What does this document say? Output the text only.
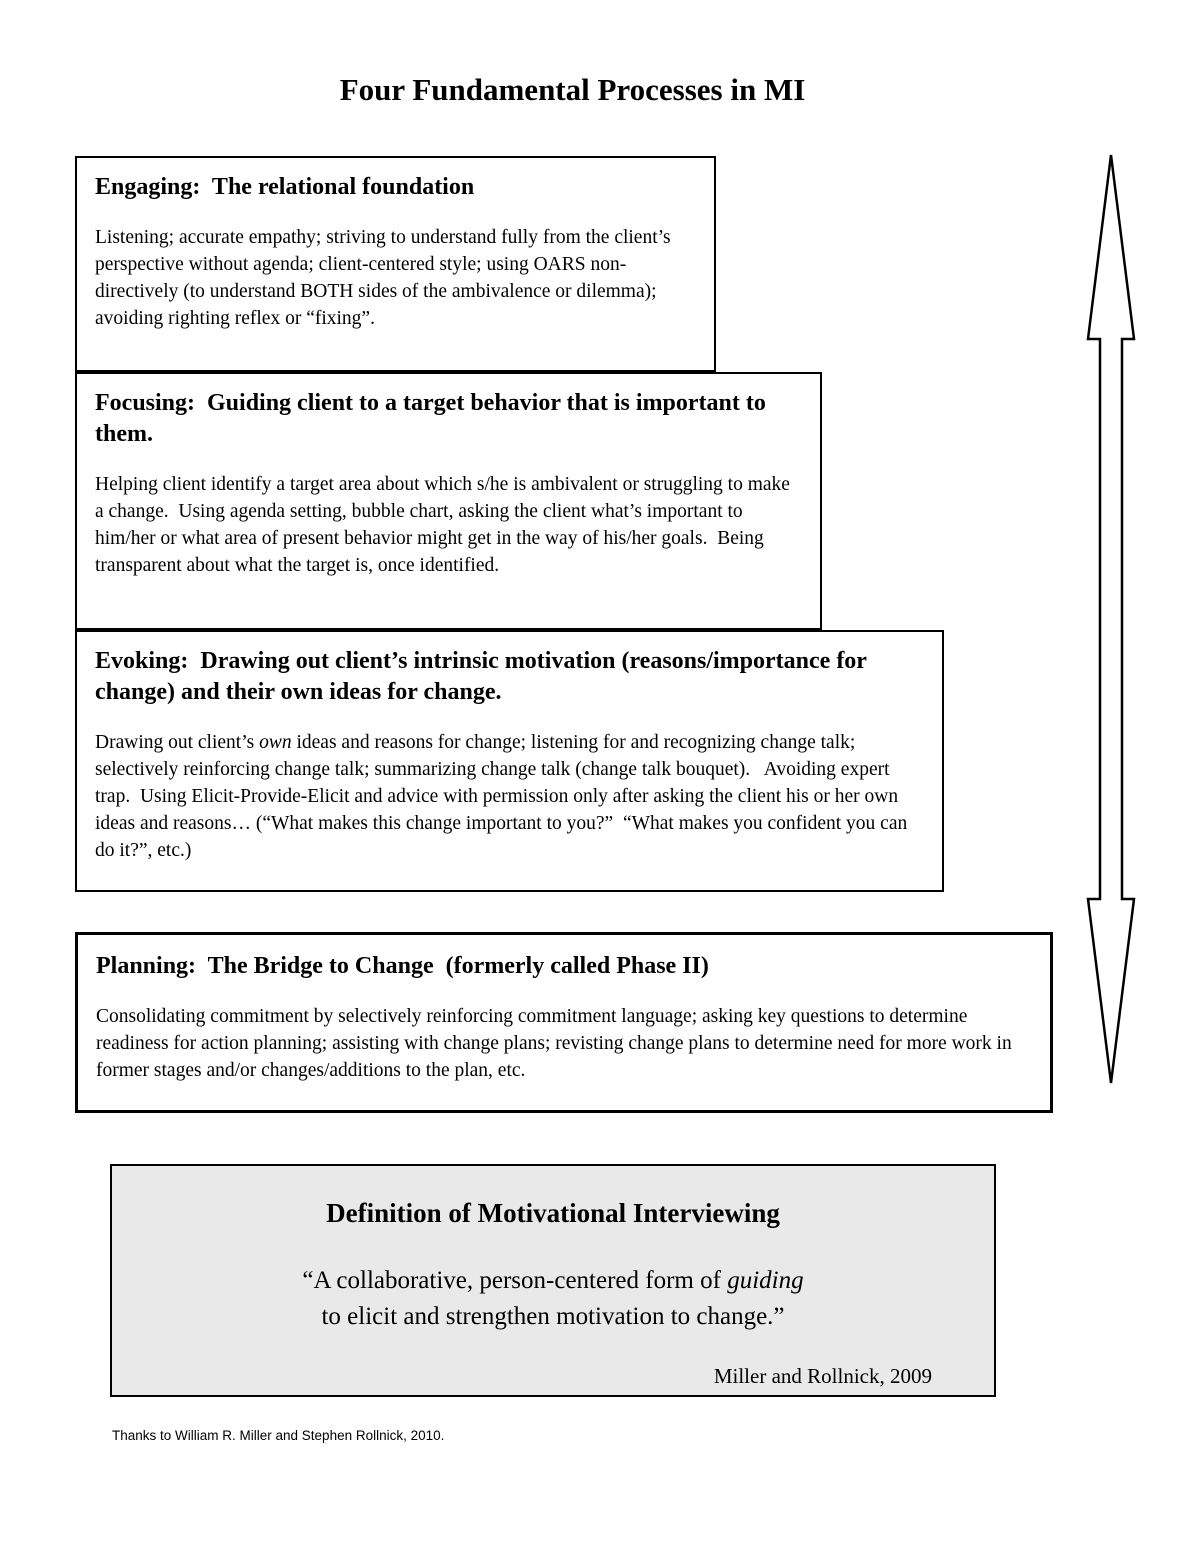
Four Fundamental Processes in MI
Engaging:  The relational foundation

Listening; accurate empathy; striving to understand fully from the client’s perspective without agenda; client-centered style; using OARS non-directively (to understand BOTH sides of the ambivalence or dilemma); avoiding righting reflex or “fixing”.

Focusing:  Guiding client to a target behavior that is important to them.

Helping client identify a target area about which s/he is ambivalent or struggling to make a change.  Using agenda setting, bubble chart, asking the client what’s important to him/her or what area of present behavior might get in the way of his/her goals.  Being transparent about what the target is, once identified.

Evoking:  Drawing out client’s intrinsic motivation (reasons/importance for change) and their own ideas for change.

Drawing out client’s own ideas and reasons for change; listening for and recognizing change talk; selectively reinforcing change talk; summarizing change talk (change talk bouquet).   Avoiding expert trap.  Using Elicit-Provide-Elicit and advice with permission only after asking the client his or her own ideas and reasons… (“What makes this change important to you?”  “What makes you confident you can do it?”, etc.)

Planning:  The Bridge to Change  (formerly called Phase II)

Consolidating commitment by selectively reinforcing commitment language; asking key questions to determine readiness for action planning; assisting with change plans; revisting change plans to determine need for more work in former stages and/or changes/additions to the plan, etc.

Definition of Motivational Interviewing
“A collaborative, person-centered form of guiding
to elicit and strengthen motivation to change.”
Miller and Rollnick, 2009
Thanks to William R. Miller and Stephen Rollnick, 2010.
